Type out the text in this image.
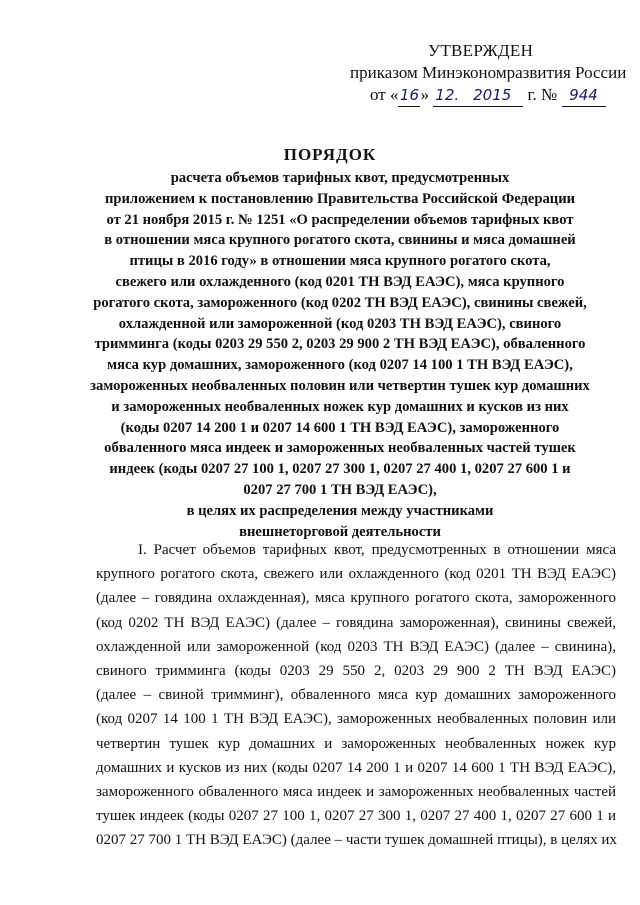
УТВЕРЖДЕН
приказом Минэкономразвития России
от «16» 12. 2015 г. № 944
ПОРЯДОК
расчета объемов тарифных квот, предусмотренных
приложением к постановлению Правительства Российской Федерации
от 21 ноября 2015 г. № 1251 «О распределении объемов тарифных квот
в отношении мяса крупного рогатого скота, свинины и мяса домашней
птицы в 2016 году» в отношении мяса крупного рогатого скота,
свежего или охлажденного (код 0201 ТН ВЭД ЕАЭС), мяса крупного
рогатого скота, замороженного (код 0202 ТН ВЭД ЕАЭС), свинины свежей,
охлажденной или замороженной (код 0203 ТН ВЭД ЕАЭС), свиного
тримминга (коды 0203 29 550 2, 0203 29 900 2 ТН ВЭД ЕАЭС), обваленного
мяса кур домашних, замороженного (код 0207 14 100 1 ТН ВЭД ЕАЭС),
замороженных необваленных половин или четвертин тушек кур домашних
и замороженных необваленных ножек кур домашних и кусков из них
(коды 0207 14 200 1 и 0207 14 600 1 ТН ВЭД ЕАЭС), замороженного
обваленного мяса индеек и замороженных необваленных частей тушек
индеек (коды 0207 27 100 1, 0207 27 300 1, 0207 27 400 1, 0207 27 600 1 и
0207 27 700 1 ТН ВЭД ЕАЭС),
в целях их распределения между участниками
внешнеторговой деятельности
I. Расчет объемов тарифных квот, предусмотренных в отношении мяса
крупного рогатого скота, свежего или охлажденного (код 0201 ТН ВЭД ЕАЭС)
(далее – говядина охлажденная), мяса крупного рогатого скота, замороженного
(код 0202 ТН ВЭД ЕАЭС) (далее – говядина замороженная), свинины свежей,
охлажденной или замороженной (код 0203 ТН ВЭД ЕАЭС) (далее – свинина),
свиного тримминга (коды 0203 29 550 2, 0203 29 900 2 ТН ВЭД ЕАЭС)
(далее – свиной тримминг), обваленного мяса кур домашних замороженного
(код 0207 14 100 1 ТН ВЭД ЕАЭС), замороженных необваленных половин или
четвертин тушек кур домашних и замороженных необваленных ножек кур
домашних и кусков из них (коды 0207 14 200 1 и 0207 14 600 1 ТН ВЭД ЕАЭС),
замороженного обваленного мяса индеек и замороженных необваленных частей
тушек индеек (коды 0207 27 100 1, 0207 27 300 1, 0207 27 400 1, 0207 27 600 1 и
0207 27 700 1 ТН ВЭД ЕАЭС) (далее – части тушек домашней птицы), в целях их
